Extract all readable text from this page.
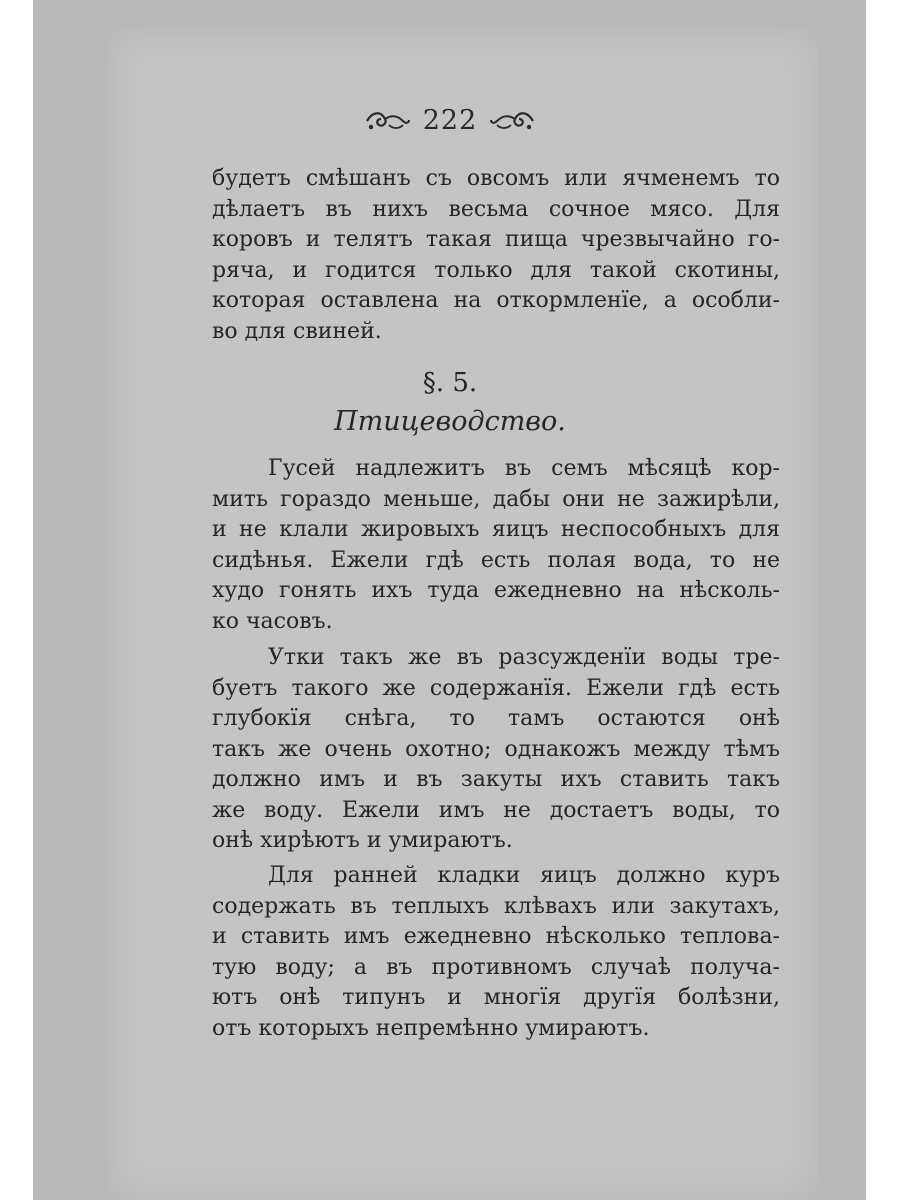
222
будетъ смѣшанъ съ овсомъ или ячменемъ то
дѣлаетъ въ нихъ весьма сочное мясо. Для
коровъ и телятъ такая пища чрезвычайно го-
ряча, и годится только для такой скотины,
которая оставлена на откормленїе, а особли-
во для свиней.
§. 5.
Птицеводство.
Гусей надлежитъ въ семъ мѣсяцѣ кор-
мить гораздо меньше, дабы они не зажирѣли,
и не клали жировыхъ яицъ неспособныхъ для
сидѣнья. Ежели гдѣ есть полая вода, то не
худо гонять ихъ туда ежедневно на нѣсколь-
ко часовъ.
Утки такъ же въ разсужденїи воды тре-
буетъ такого же содержанїя. Ежели гдѣ есть
глубокїя снѣга, то тамъ остаются онѣ
такъ же очень охотно; однакожъ между тѣмъ
должно имъ и въ закуты ихъ ставить такъ
же воду. Ежели имъ не достаетъ воды, то
онѣ хирѣютъ и умираютъ.
Для ранней кладки яицъ должно куръ
содержать въ теплыхъ клѣвахъ или закутахъ,
и ставить имъ ежедневно нѣсколько теплова-
тую воду; а въ противномъ случаѣ получа-
ютъ онѣ типунъ и многїя другїя болѣзни,
отъ которыхъ непремѣнно умираютъ.
